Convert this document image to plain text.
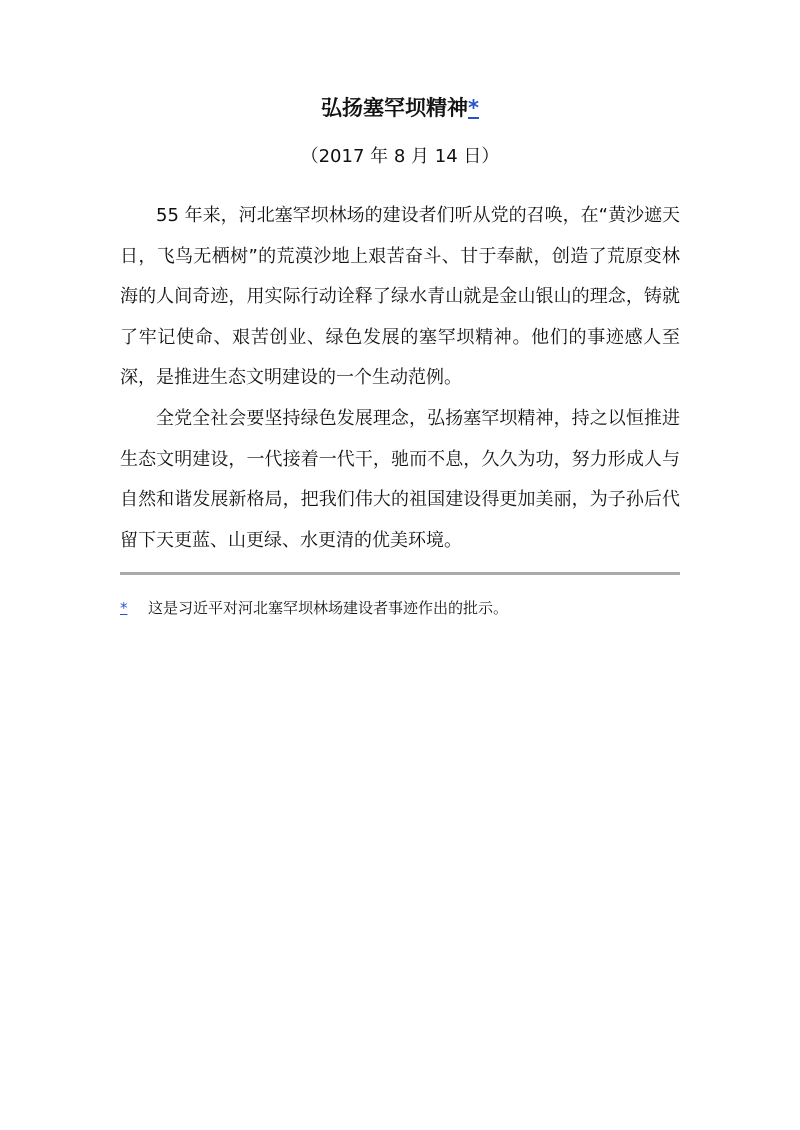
弘扬塞罕坝精神*
（2017 年 8 月 14 日）

55 年来，河北塞罕坝林场的建设者们听从党的召唤，在“黄沙遮天日，飞鸟无栖树”的荒漠沙地上艰苦奋斗、甘于奉献，创造了荒原变林海的人间奇迹，用实际行动诠释了绿水青山就是金山银山的理念，铸就了牢记使命、艰苦创业、绿色发展的塞罕坝精神。他们的事迹感人至深，是推进生态文明建设的一个生动范例。

全党全社会要坚持绿色发展理念，弘扬塞罕坝精神，持之以恒推进生态文明建设，一代接着一代干，驰而不息，久久为功，努力形成人与自然和谐发展新格局，把我们伟大的祖国建设得更加美丽，为子孙后代留下天更蓝、山更绿、水更清的优美环境。

*	这是习近平对河北塞罕坝林场建设者事迹作出的批示。
